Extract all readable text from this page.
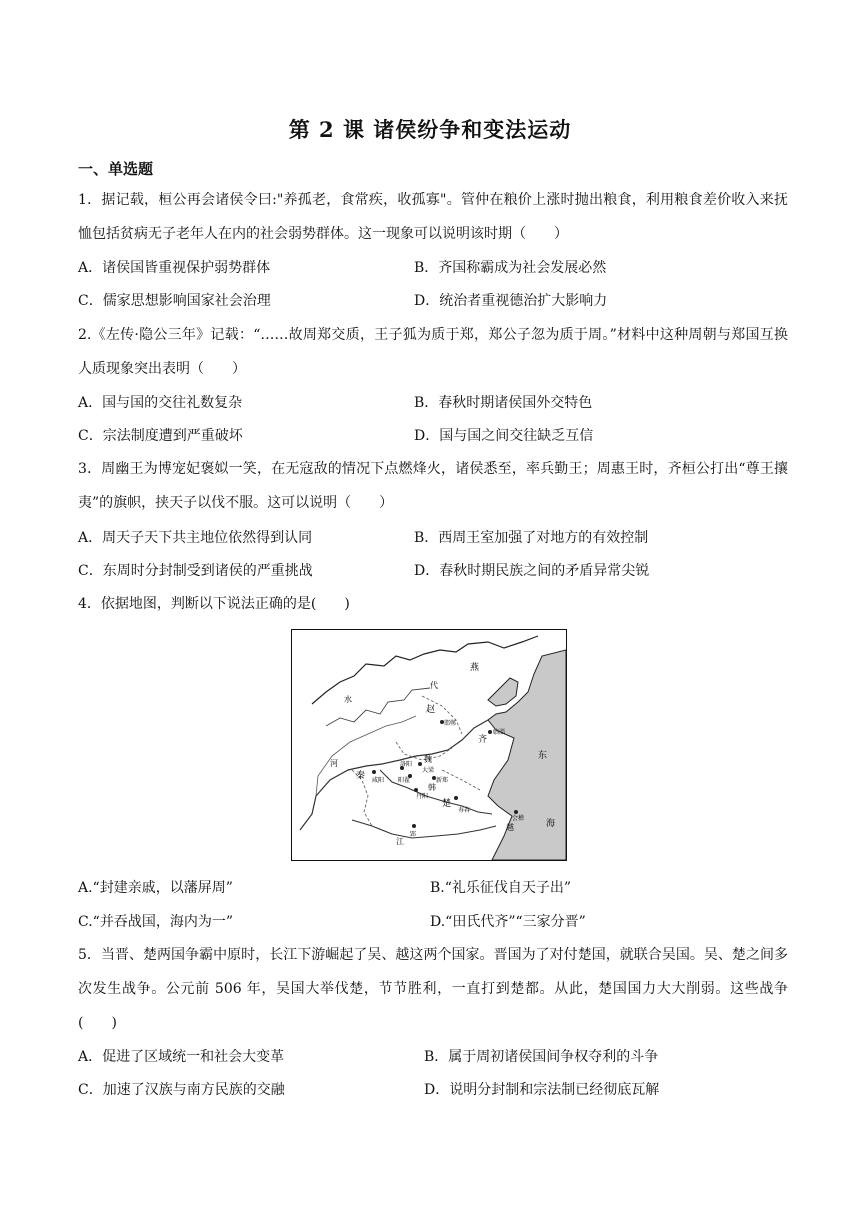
第 2 课 诸侯纷争和变法运动
一、单选题
1．据记载，桓公再会诸侯令曰:"养孤老，食常疾，收孤寡"。管仲在粮价上涨时抛出粮食，利用粮食差价收入来抚恤包括贫病无子老年人在内的社会弱势群体。这一现象可以说明该时期（　　）
A．诸侯国皆重视保护弱势群体	B．齐国称霸成为社会发展必然
C．儒家思想影响国家社会治理	D．统治者重视德治扩大影响力
2.《左传·隐公三年》记载：“……故周郑交质，王子狐为质于郑，郑公子忽为质于周。”材料中这种周朝与郑国互换人质现象突出表明（　　）
A．国与国的交往礼数复杂	B．春秋时期诸侯国外交特色
C．宗法制度遭到严重破坏	D．国与国之间交往缺乏互信
3．周幽王为博宠妃褒姒一笑，在无寇敌的情况下点燃烽火，诸侯悉至，率兵勤王；周惠王时，齐桓公打出“尊王攘夷”的旗帜，挟天子以伐不服。这可以说明（　　）
A．周天子天下共主地位依然得到认同	B．西周王室加强了对地方的有效控制
C．东周时分封制受到诸侯的严重挑战	D．春秋时期民族之间的矛盾异常尖锐
4．依据地图，判断以下说法正确的是(　　)
燕
代
赵
邯郸
临淄
水
河
秦
魏
韩
咸阳
洛阳
大梁
阳翟	新郑
楚
丹阳
寿春
江
郢
东
海
越
会稽
齐
A.“封建亲戚，以藩屏周”	B.“礼乐征伐自天子出”
C.“并吞战国，海内为一”	D.“田氏代齐”“三家分晋”
5．当晋、楚两国争霸中原时，长江下游崛起了吴、越这两个国家。晋国为了对付楚国，就联合吴国。吴、楚之间多次发生战争。公元前 506 年，吴国大举伐楚，节节胜利，一直打到楚都。从此，楚国国力大大削弱。这些战争(　　)
A．促进了区域统一和社会大变革	B．属于周初诸侯国间争权夺利的斗争
C．加速了汉族与南方民族的交融	D．说明分封制和宗法制已经彻底瓦解
